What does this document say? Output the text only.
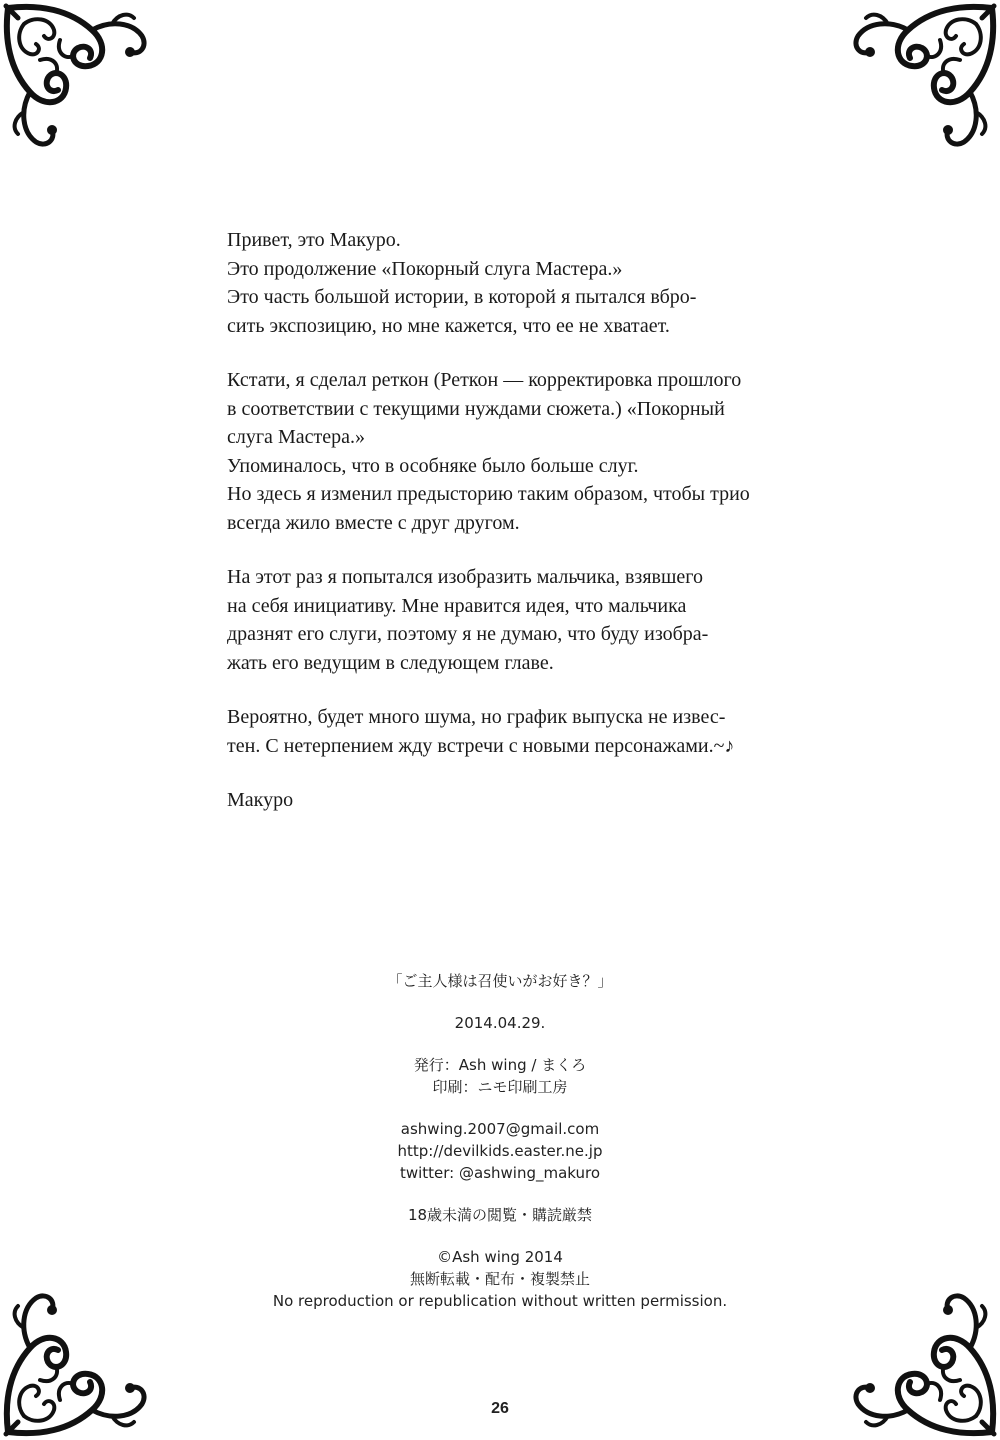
Привет, это Макуро.
Это продолжение «Покорный слуга Мастера.»
Это часть большой истории, в которой я пытался вбро-
сить экспозицию, но мне кажется, что ее не хватает.

Кстати, я сделал реткон (Реткон — корректировка прошлого
в соответствии с текущими нуждами сюжета.) «Покорный
слуга Мастера.»
Упоминалось, что в особняке было больше слуг.
Но здесь я изменил предысторию таким образом, чтобы трио
всегда жило вместе с друг другом.

На этот раз я попытался изобразить мальчика, взявшего
на себя инициативу. Мне нравится идея, что мальчика
дразнят его слуги, поэтому я не думаю, что буду изобра-
жать его ведущим в следующем главе.

Вероятно, будет много шума, но график выпуска не извес-
тен. С нетерпением жду встречи с новыми персонажами.~♪

Макуро

「ご主人様は召使いがお好き？」
2014.04.29.
発行：Ash wing / まくろ
印刷：ニモ印刷工房
ashwing.2007@gmail.com
http://devilkids.easter.ne.jp
twitter: @ashwing_makuro
18歳未満の閲覧・購読厳禁
©Ash wing 2014
無断転載・配布・複製禁止
No reproduction or republication without written permission.
26
